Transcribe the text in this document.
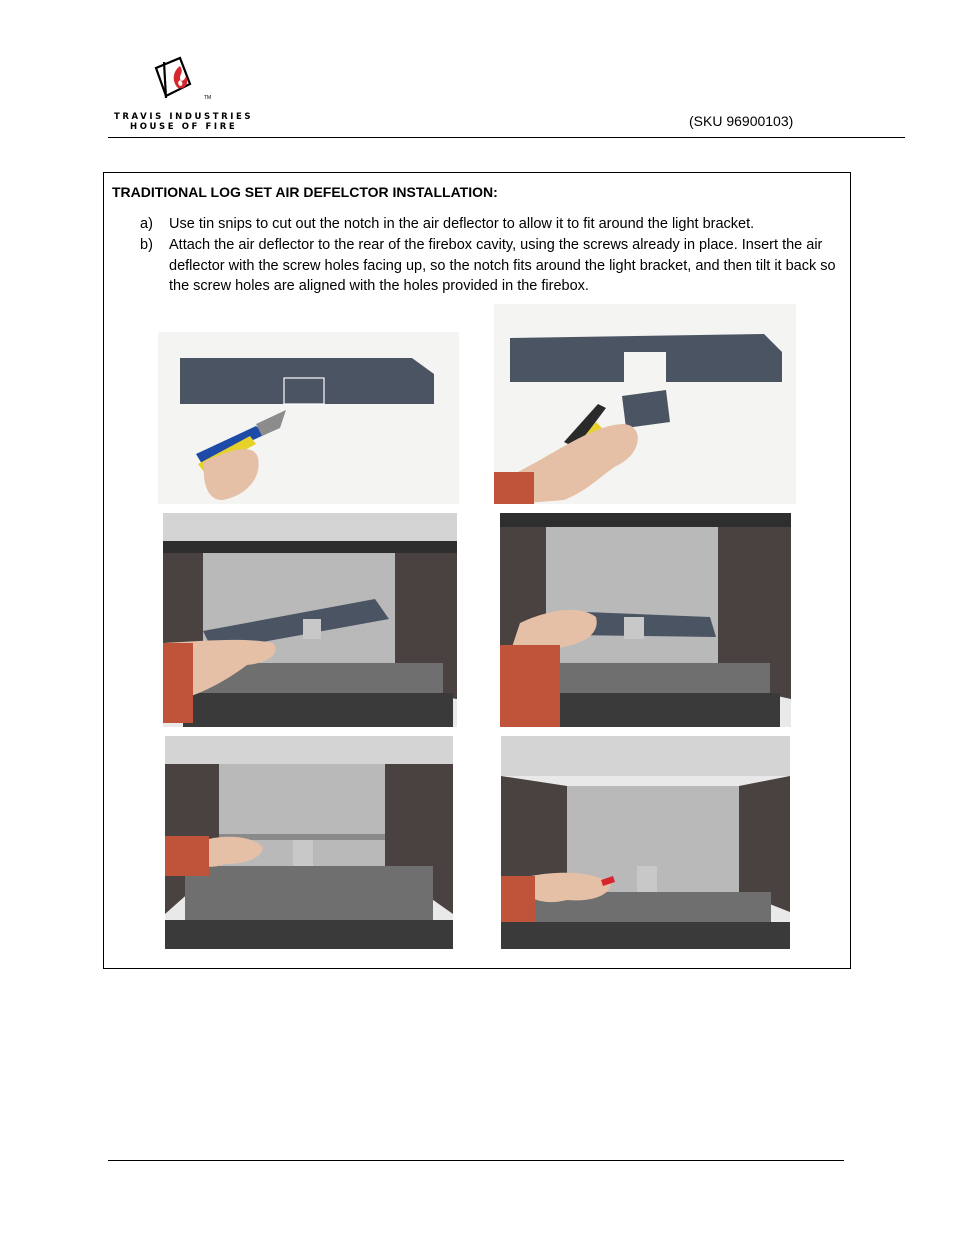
TM
TRAVIS INDUSTRIES
HOUSE OF FIRE	(SKU 96900103)
TRADITIONAL LOG SET AIR DEFELCTOR INSTALLATION:
a) Use tin snips to cut out the notch in the air deflector to allow it to fit around the light bracket.
b) Attach the air deflector to the rear of the firebox cavity, using the screws already in place. Insert the air deflector with the screw holes facing up, so the notch fits around the light bracket, and then tilt it back so the screw holes are aligned with the holes provided in the firebox.
